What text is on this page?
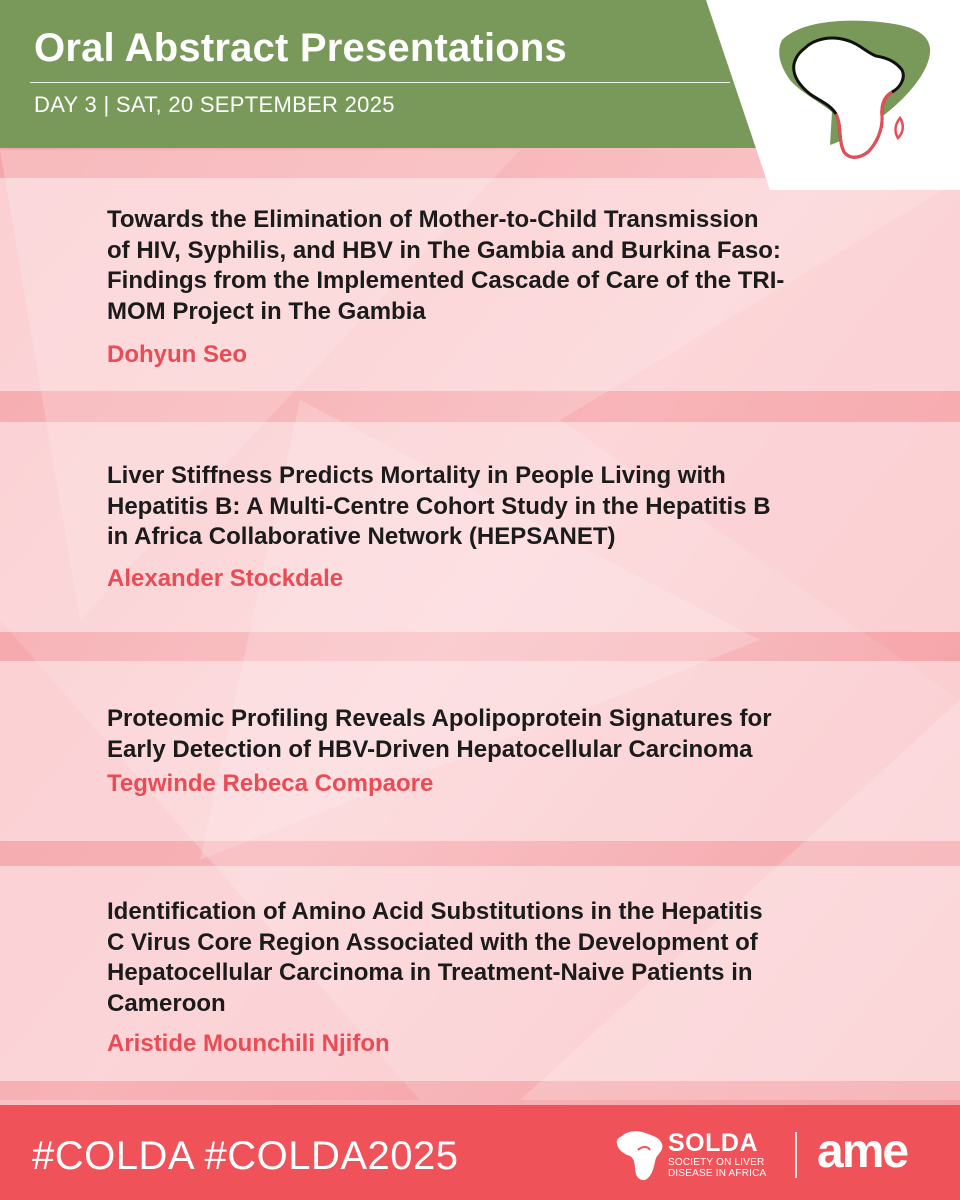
Towards the Elimination of Mother-to-Child Transmission
of HIV, Syphilis, and HBV in The Gambia and Burkina Faso:
Findings from the Implemented Cascade of Care of the TRI-
MOM Project in The Gambia
Dohyun Seo
Liver Stiffness Predicts Mortality in People Living with
Hepatitis B: A Multi-Centre Cohort Study in the Hepatitis B
in Africa Collaborative Network (HEPSANET)
Alexander Stockdale
Proteomic Profiling Reveals Apolipoprotein Signatures for
Early Detection of HBV-Driven Hepatocellular Carcinoma
Tegwinde Rebeca Compaore
Identification of Amino Acid Substitutions in the Hepatitis
C Virus Core Region Associated with the Development of
Hepatocellular Carcinoma in Treatment-Naive Patients in
Cameroon
Aristide Mounchili Njifon
Oral Abstract Presentations
DAY 3 | SAT, 20 SEPTEMBER 2025
#COLDA #COLDA2025	SOLDA
SOCIETY ON LIVER DISEASE IN AFRICA ame
